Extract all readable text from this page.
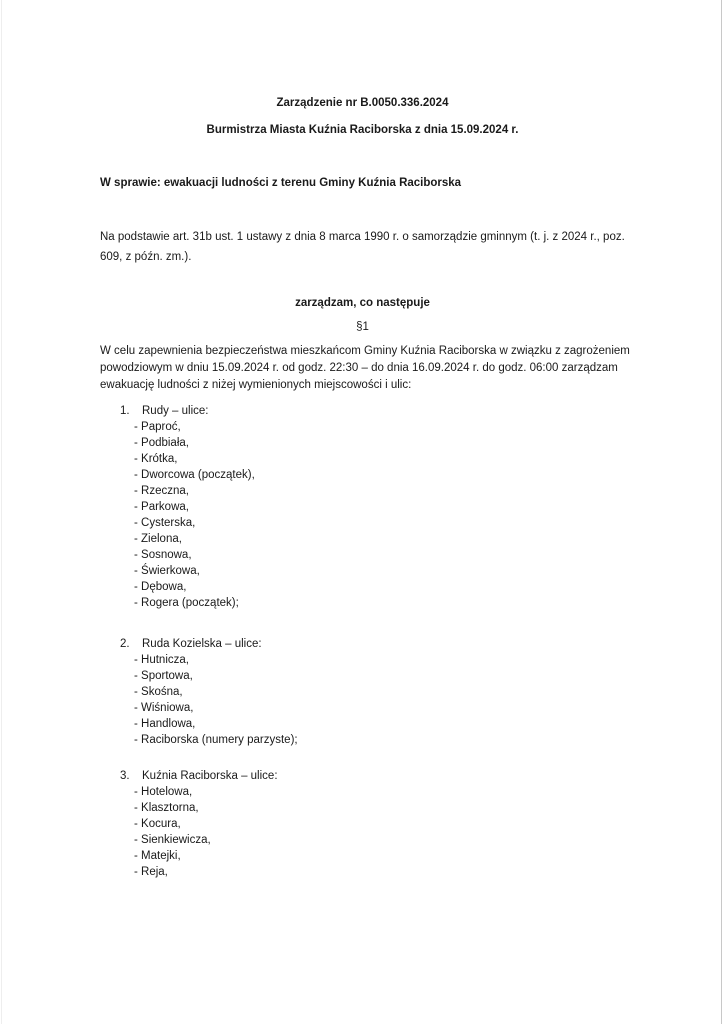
Zarządzenie nr B.0050.336.2024
Burmistrza Miasta Kuźnia Raciborska z dnia 15.09.2024 r.
W sprawie: ewakuacji ludności z terenu Gminy Kuźnia Raciborska
Na podstawie art. 31b ust. 1 ustawy z dnia 8 marca 1990 r. o samorządzie gminnym (t. j. z 2024 r., poz. 609, z późn. zm.).
zarządzam, co następuje
§1
W celu zapewnienia bezpieczeństwa mieszkańcom Gminy Kuźnia Raciborska w związku z zagrożeniem powodziowym w dniu 15.09.2024 r. od godz. 22:30 – do dnia 16.09.2024 r. do godz. 06:00 zarządzam ewakuację ludności z niżej wymienionych miejscowości i ulic:
1.	Rudy – ulice:
- Paproć,
- Podbiała,
- Krótka,
- Dworcowa (początek),
- Rzeczna,
- Parkowa,
- Cysterska,
- Zielona,
- Sosnowa,
- Świerkowa,
- Dębowa,
- Rogera (początek);
2.	Ruda Kozielska – ulice:
- Hutnicza,
- Sportowa,
- Skośna,
- Wiśniowa,
- Handlowa,
- Raciborska (numery parzyste);
3.	Kuźnia Raciborska – ulice:
- Hotelowa,
- Klasztorna,
- Kocura,
- Sienkiewicza,
- Matejki,
- Reja,
